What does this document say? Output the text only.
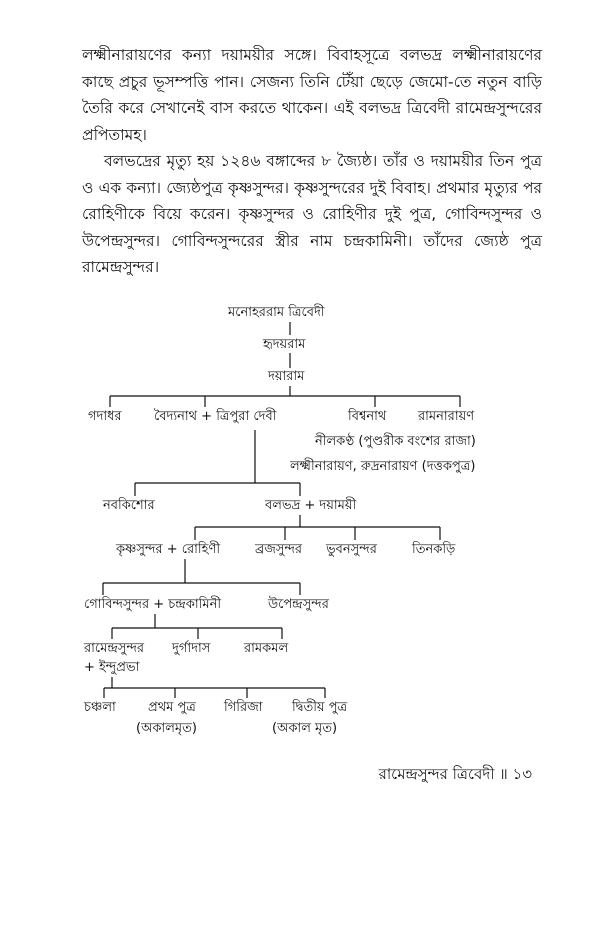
লক্ষ্মীনারায়ণের কন্যা দয়াময়ীর সঙ্গে। বিবাহসূত্রে বলভদ্র লক্ষ্মীনারায়ণের কাছে প্রচুর ভূসম্পত্তি পান। সেজন্য তিনি টেঁয়া ছেড়ে জেমো-তে নতুন বাড়ি তৈরি করে সেখানেই বাস করতে থাকেন। এই বলভদ্র ত্রিবেদী রামেন্দ্রসুন্দরের প্রপিতামহ।

বলভদ্রের মৃত্যু হয় ১২৪৬ বঙ্গাব্দের ৮ জ্যৈষ্ঠ। তাঁর ও দয়াময়ীর তিন পুত্র ও এক কন্যা। জ্যেষ্ঠপুত্র কৃষ্ণসুন্দর। কৃষ্ণসুন্দরের দুই বিবাহ। প্রথমার মৃত্যুর পর রোহিণীকে বিয়ে করেন। কৃষ্ণসুন্দর ও রোহিণীর দুই পুত্র, গোবিন্দসুন্দর ও উপেন্দ্রসুন্দর। গোবিন্দসুন্দরের স্ত্রীর নাম চন্দ্রকামিনী। তাঁদের জ্যেষ্ঠ পুত্র রামেন্দ্রসুন্দর।

মনোহররাম ত্রিবেদী
হৃদয়রাম
দয়ারাম
গদাধর বৈদ্যনাথ + ত্রিপুরা দেবী	বিশ্বনাথ রামনারায়ণ
নীলকণ্ঠ (পুণ্ডরীক বংশের রাজা)
লক্ষ্মীনারায়ণ, রুদ্রনারায়ণ (দত্তকপুত্র)
নবকিশোর	বলভদ্র + দয়াময়ী
কৃষ্ণসুন্দর + রোহিণী	ব্রজসুন্দর ভুবনসুন্দর	তিনকড়ি
গোবিন্দসুন্দর + চন্দ্রকামিনী	উপেন্দ্রসুন্দর
রামেন্দ্রসুন্দর দুর্গাদাস	রামকমল
+ ইন্দুপ্রভা
চঞ্চলা প্রথম পুত্র
(অকালমৃত)
গিরিজা দ্বিতীয় পুত্র
(অকাল মৃত)
রামেন্দ্রসুন্দর ত্রিবেদী ॥ ১৩
